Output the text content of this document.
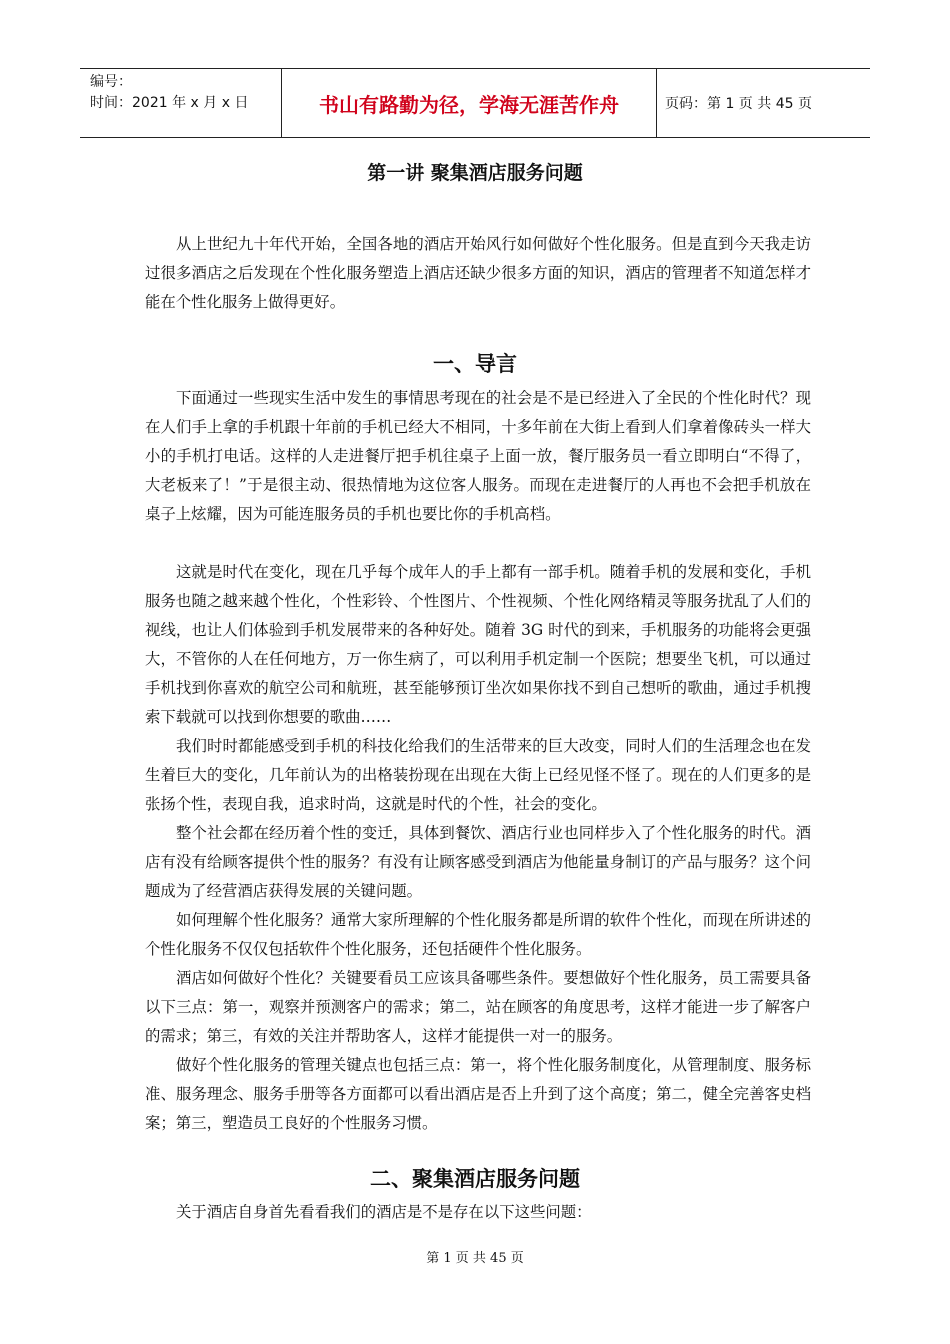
编号：
时间：2021 年 x 月 x 日	书山有路勤为径，学海无涯苦作舟	页码：第 1 页 共 45 页
第一讲 聚集酒店服务问题
从上世纪九十年代开始，全国各地的酒店开始风行如何做好个性化服务。但是直到今天我走访过很多酒店之后发现在个性化服务塑造上酒店还缺少很多方面的知识，酒店的管理者不知道怎样才能在个性化服务上做得更好。
一、导言
下面通过一些现实生活中发生的事情思考现在的社会是不是已经进入了全民的个性化时代？现在人们手上拿的手机跟十年前的手机已经大不相同，十多年前在大街上看到人们拿着像砖头一样大小的手机打电话。这样的人走进餐厅把手机往桌子上面一放，餐厅服务员一看立即明白“不得了，大老板来了！”于是很主动、很热情地为这位客人服务。而现在走进餐厅的人再也不会把手机放在桌子上炫耀，因为可能连服务员的手机也要比你的手机高档。
这就是时代在变化，现在几乎每个成年人的手上都有一部手机。随着手机的发展和变化，手机服务也随之越来越个性化，个性彩铃、个性图片、个性视频、个性化网络精灵等服务扰乱了人们的视线，也让人们体验到手机发展带来的各种好处。随着 3G 时代的到来，手机服务的功能将会更强大，不管你的人在任何地方，万一你生病了，可以利用手机定制一个医院；想要坐飞机，可以通过手机找到你喜欢的航空公司和航班，甚至能够预订坐次如果你找不到自己想听的歌曲，通过手机搜索下载就可以找到你想要的歌曲……
我们时时都能感受到手机的科技化给我们的生活带来的巨大改变，同时人们的生活理念也在发生着巨大的变化，几年前认为的出格装扮现在出现在大街上已经见怪不怪了。现在的人们更多的是张扬个性，表现自我，追求时尚，这就是时代的个性，社会的变化。
整个社会都在经历着个性的变迁，具体到餐饮、酒店行业也同样步入了个性化服务的时代。酒店有没有给顾客提供个性的服务？有没有让顾客感受到酒店为他能量身制订的产品与服务？这个问题成为了经营酒店获得发展的关键问题。
如何理解个性化服务？通常大家所理解的个性化服务都是所谓的软件个性化，而现在所讲述的个性化服务不仅仅包括软件个性化服务，还包括硬件个性化服务。
酒店如何做好个性化？关键要看员工应该具备哪些条件。要想做好个性化服务，员工需要具备以下三点：第一，观察并预测客户的需求；第二，站在顾客的角度思考，这样才能进一步了解客户的需求；第三，有效的关注并帮助客人，这样才能提供一对一的服务。
做好个性化服务的管理关键点也包括三点：第一，将个性化服务制度化，从管理制度、服务标准、服务理念、服务手册等各方面都可以看出酒店是否上升到了这个高度；第二，健全完善客史档案；第三，塑造员工良好的个性服务习惯。
二、聚集酒店服务问题
关于酒店自身首先看看我们的酒店是不是存在以下这些问题：
第 1 页 共 45 页
